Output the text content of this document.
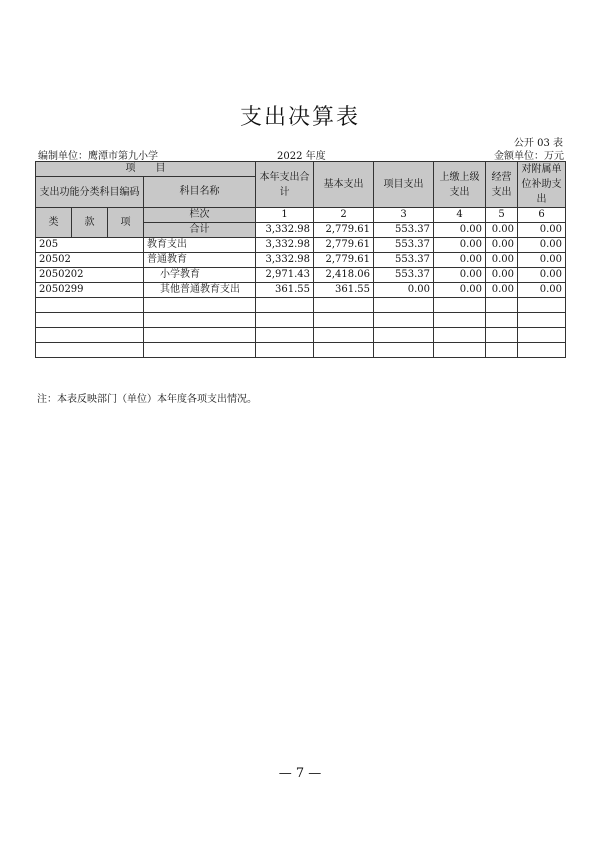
支出决算表
公开 03 表
编制单位：鹰潭市第九小学	2022 年度	金额单位：万元
项　　目				本年支出合计	基本支出	项目支出	上缴上级支出	经营支出	对附属单位补助支出
支出功能分类科目编码			科目名称						

类	款	项	栏次	1	2	3	4	5	6
			合计	3,332.98	2,779.61	553.37	0.00	0.00	0.00
205			教育支出	3,332.98	2,779.61	553.37	0.00	0.00	0.00
20502			普通教育	3,332.98	2,779.61	553.37	0.00	0.00	0.00
2050202			小学教育	2,971.43	2,418.06	553.37	0.00	0.00	0.00
2050299			其他普通教育支出	361.55	361.55	0.00	0.00	0.00	0.00

注：本表反映部门（单位）本年度各项支出情况。
— 7 —
